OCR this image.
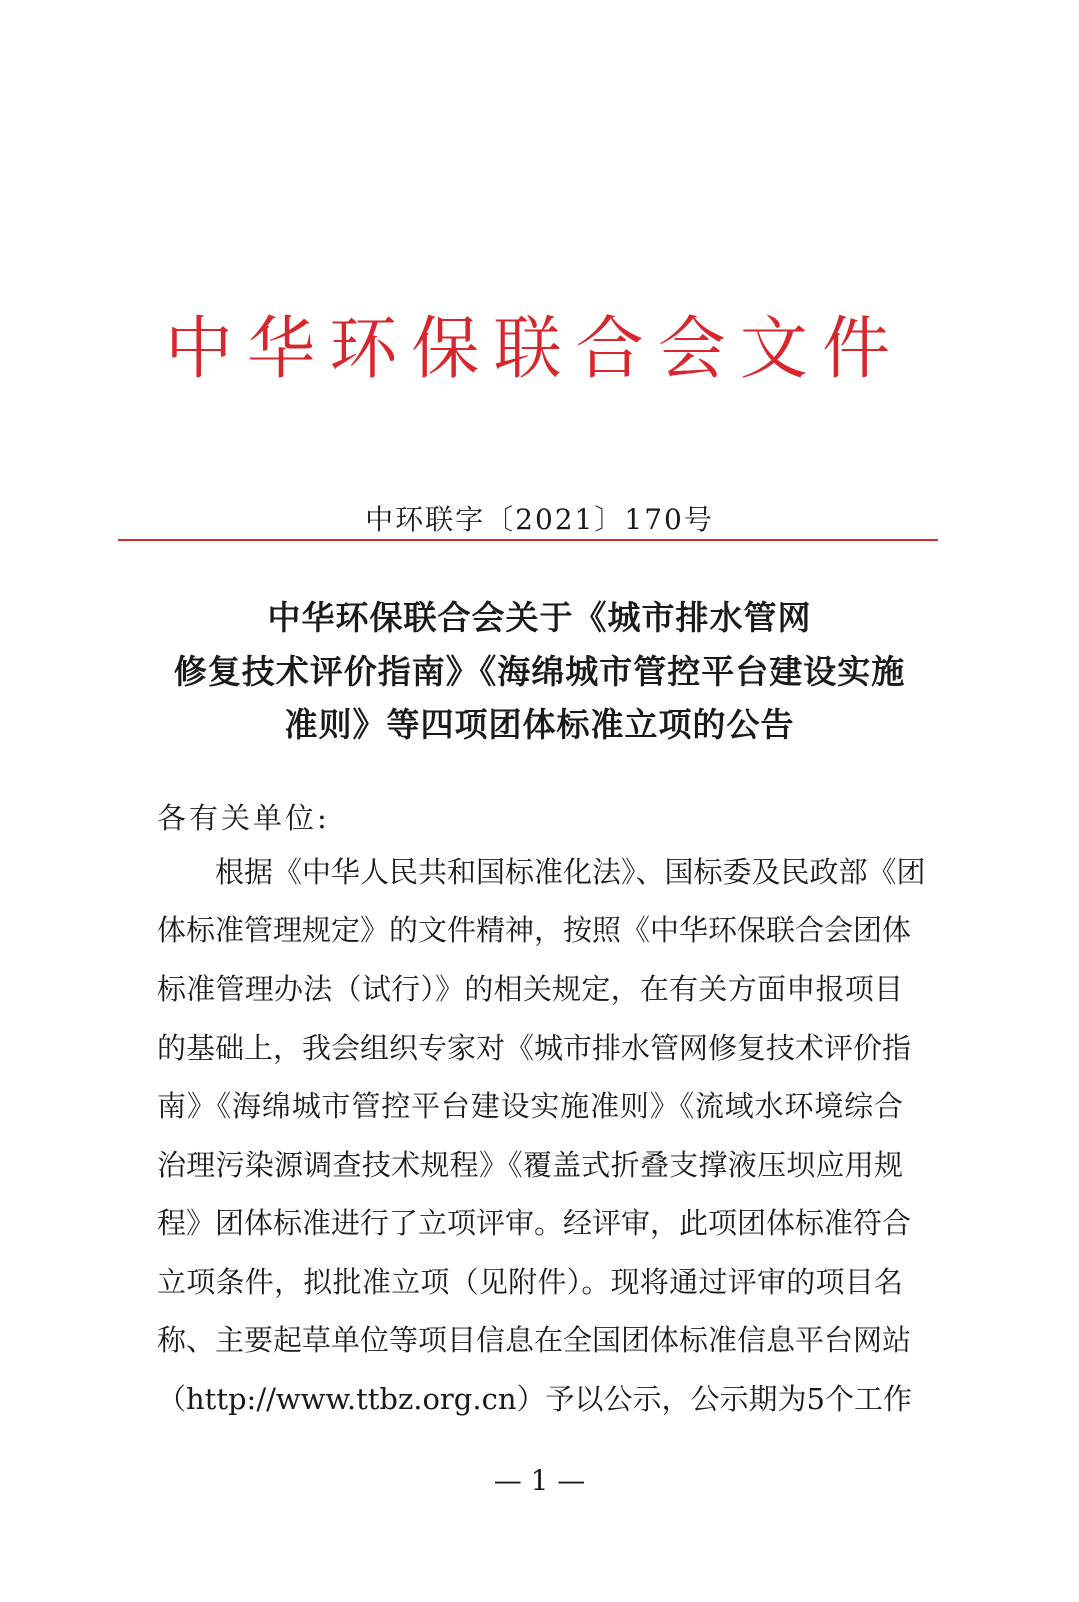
中华环保联合会文件
中环联字〔2021〕170号
中华环保联合会关于《城市排水管网
修复技术评价指南》《海绵城市管控平台建设实施
准则》等四项团体标准立项的公告
各有关单位:
根据《中华人民共和国标准化法》、国标委及民政部《团
体标准管理规定》的文件精神，按照《中华环保联合会团体
标准管理办法（试行）》的相关规定，在有关方面申报项目
的基础上，我会组织专家对《城市排水管网修复技术评价指
南》《海绵城市管控平台建设实施准则》《流域水环境综合
治理污染源调查技术规程》《覆盖式折叠支撑液压坝应用规
程》团体标准进行了立项评审。经评审，此项团体标准符合
立项条件，拟批准立项（见附件）。现将通过评审的项目名
称、主要起草单位等项目信息在全国团体标准信息平台网站
（http://www.ttbz.org.cn）予以公示，公示期为5个工作
— 1 —
